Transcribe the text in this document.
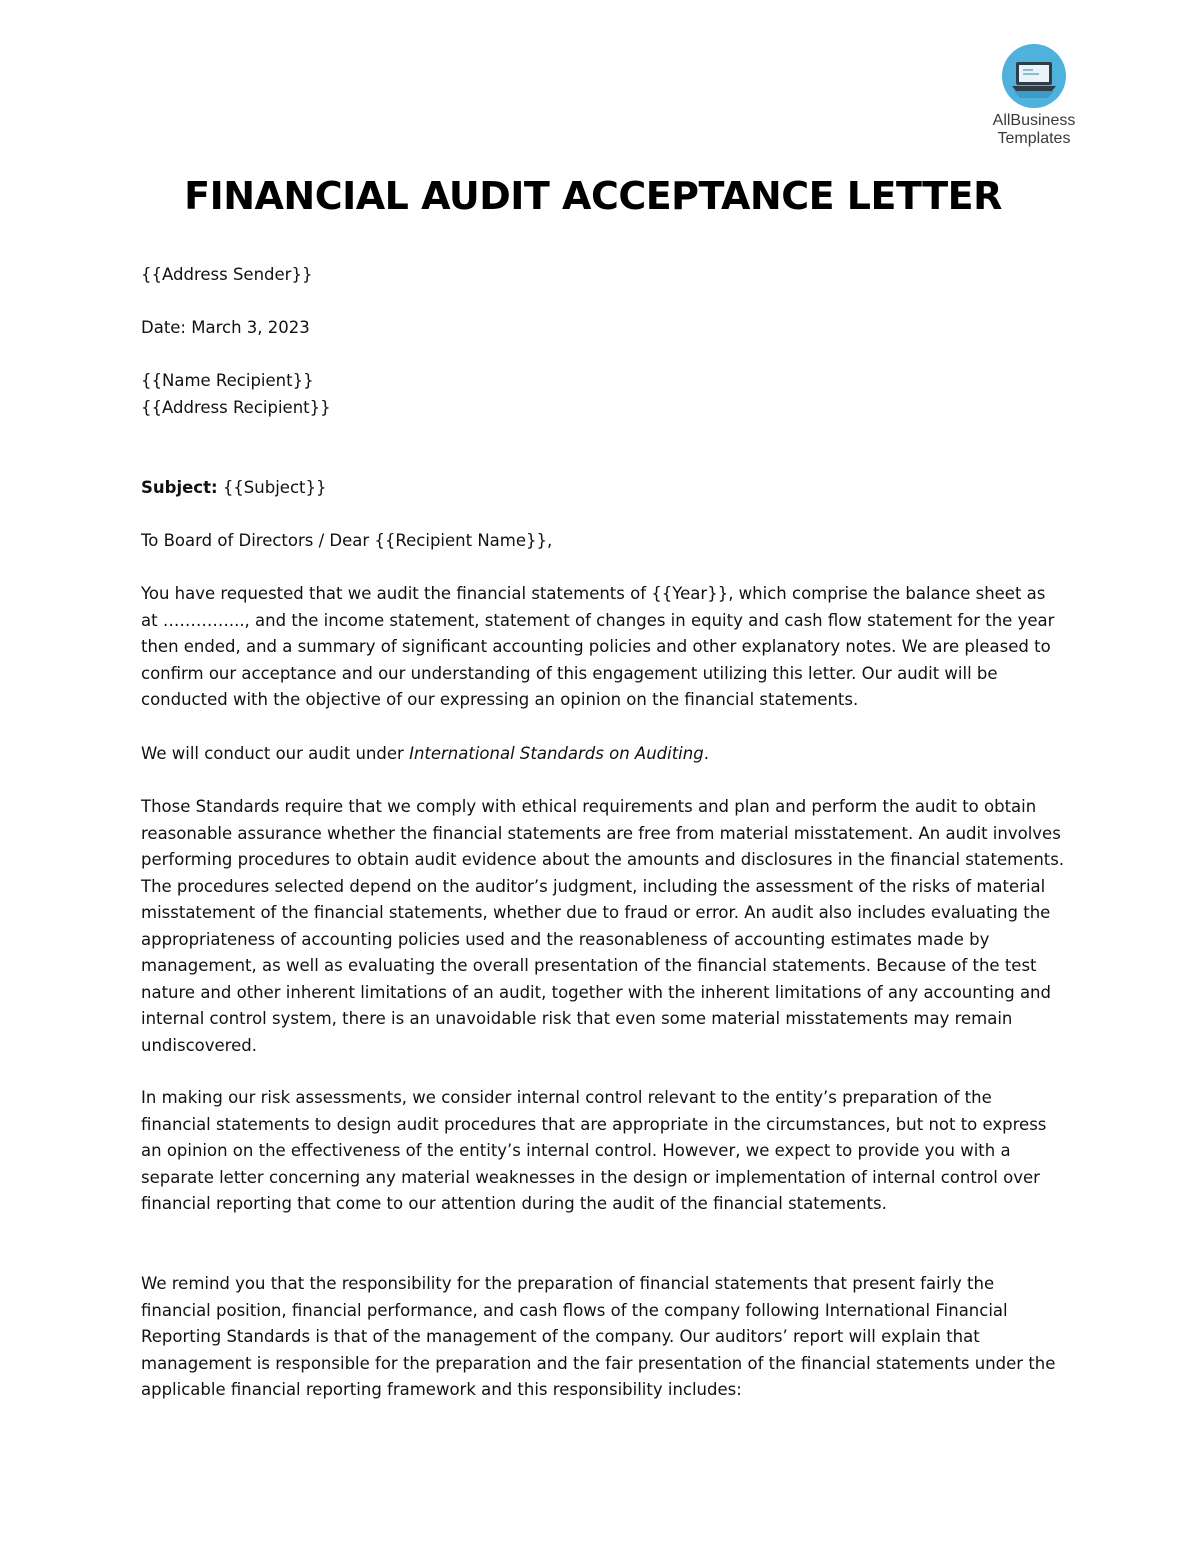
AllBusiness
Templates
FINANCIAL AUDIT ACCEPTANCE LETTER

{{Address Sender}}

Date: March 3, 2023

{{Name Recipient}}

{{Address Recipient}}

Subject: {{Subject}}

To Board of Directors / Dear {{Recipient Name}},

You have requested that we audit the financial statements of {{Year}}, which comprise the balance sheet as at …………..., and the income statement, statement of changes in equity and cash flow statement for the year then ended, and a summary of significant accounting policies and other explanatory notes. We are pleased to confirm our acceptance and our understanding of this engagement utilizing this letter. Our audit will be conducted with the objective of our expressing an opinion on the financial statements.

We will conduct our audit under International Standards on Auditing.

Those Standards require that we comply with ethical requirements and plan and perform the audit to obtain reasonable assurance whether the financial statements are free from material misstatement. An audit involves performing procedures to obtain audit evidence about the amounts and disclosures in the financial statements. The procedures selected depend on the auditor’s judgment, including the assessment of the risks of material misstatement of the financial statements, whether due to fraud or error. An audit also includes evaluating the appropriateness of accounting policies used and the reasonableness of accounting estimates made by management, as well as evaluating the overall presentation of the financial statements. Because of the test nature and other inherent limitations of an audit, together with the inherent limitations of any accounting and internal control system, there is an unavoidable risk that even some material misstatements may remain undiscovered.

In making our risk assessments, we consider internal control relevant to the entity’s preparation of the financial statements to design audit procedures that are appropriate in the circumstances, but not to express an opinion on the effectiveness of the entity’s internal control. However, we expect to provide you with a separate letter concerning any material weaknesses in the design or implementation of internal control over financial reporting that come to our attention during the audit of the financial statements.

We remind you that the responsibility for the preparation of financial statements that present fairly the financial position, financial performance, and cash flows of the company following International Financial Reporting Standards is that of the management of the company. Our auditors’ report will explain that management is responsible for the preparation and the fair presentation of the financial statements under the applicable financial reporting framework and this responsibility includes:
